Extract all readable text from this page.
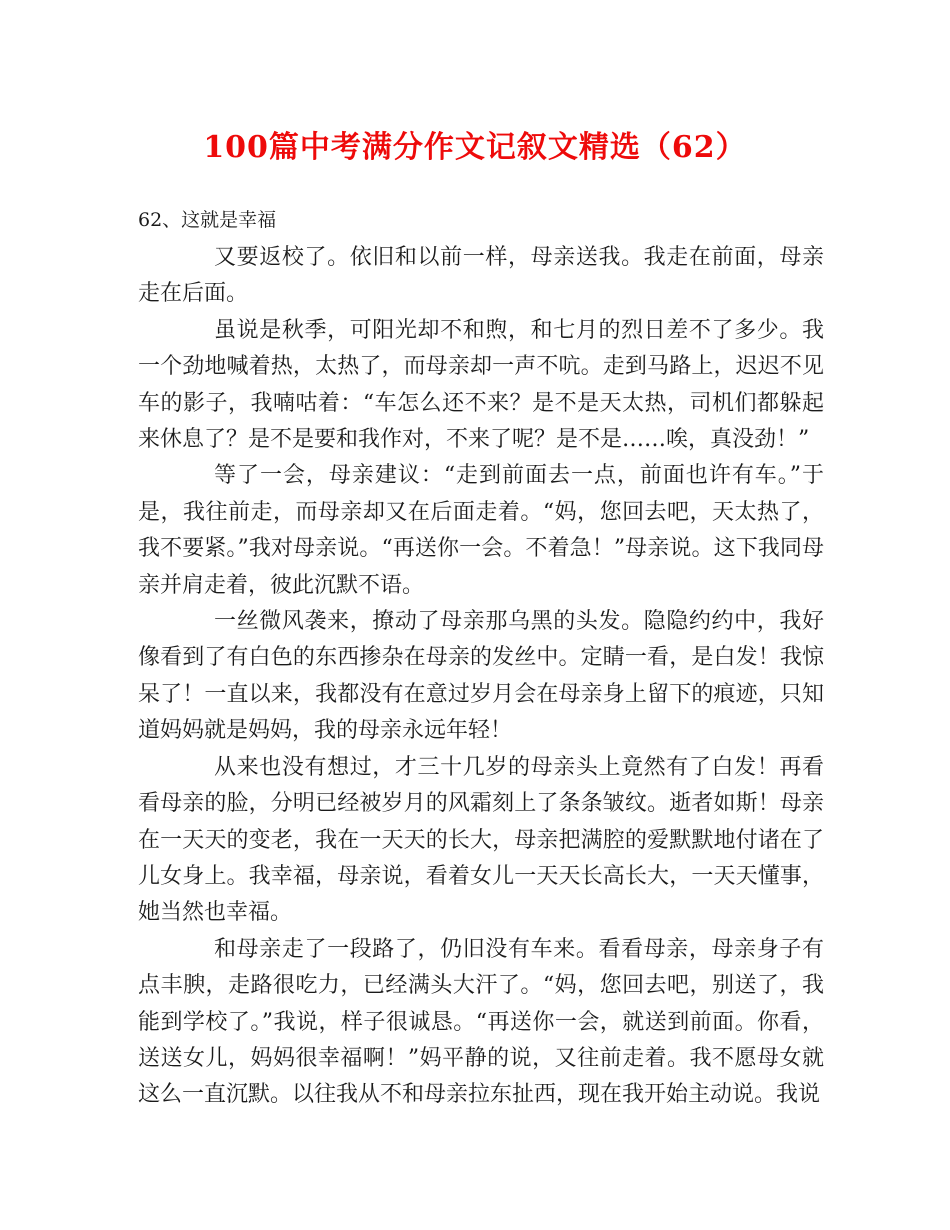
100篇中考满分作文记叙文精选（62）

62、这就是幸福

又要返校了。依旧和以前一样，母亲送我。我走在前面，母亲走在后面。

虽说是秋季，可阳光却不和煦，和七月的烈日差不了多少。我一个劲地喊着热，太热了，而母亲却一声不吭。走到马路上，迟迟不见车的影子，我喃咕着：“车怎么还不来？是不是天太热，司机们都躲起来休息了？是不是要和我作对，不来了呢？是不是……唉，真没劲！”

等了一会，母亲建议：“走到前面去一点，前面也许有车。”于是，我往前走，而母亲却又在后面走着。“妈，您回去吧，天太热了，我不要紧。”我对母亲说。“再送你一会。不着急！”母亲说。这下我同母亲并肩走着，彼此沉默不语。

一丝微风袭来，撩动了母亲那乌黑的头发。隐隐约约中，我好像看到了有白色的东西掺杂在母亲的发丝中。定睛一看，是白发！我惊呆了！一直以来，我都没有在意过岁月会在母亲身上留下的痕迹，只知道妈妈就是妈妈，我的母亲永远年轻！

从来也没有想过，才三十几岁的母亲头上竟然有了白发！再看看母亲的脸，分明已经被岁月的风霜刻上了条条皱纹。逝者如斯！母亲在一天天的变老，我在一天天的长大，母亲把满腔的爱默默地付诸在了儿女身上。我幸福，母亲说，看着女儿一天天长高长大，一天天懂事，她当然也幸福。

和母亲走了一段路了，仍旧没有车来。看看母亲，母亲身子有点丰腴，走路很吃力，已经满头大汗了。“妈，您回去吧，别送了，我能到学校了。”我说，样子很诚恳。“再送你一会，就送到前面。你看，送送女儿，妈妈很幸福啊！”妈平静的说，又往前走着。我不愿母女就这么一直沉默。以往我从不和母亲拉东扯西，现在我开始主动说。我说
